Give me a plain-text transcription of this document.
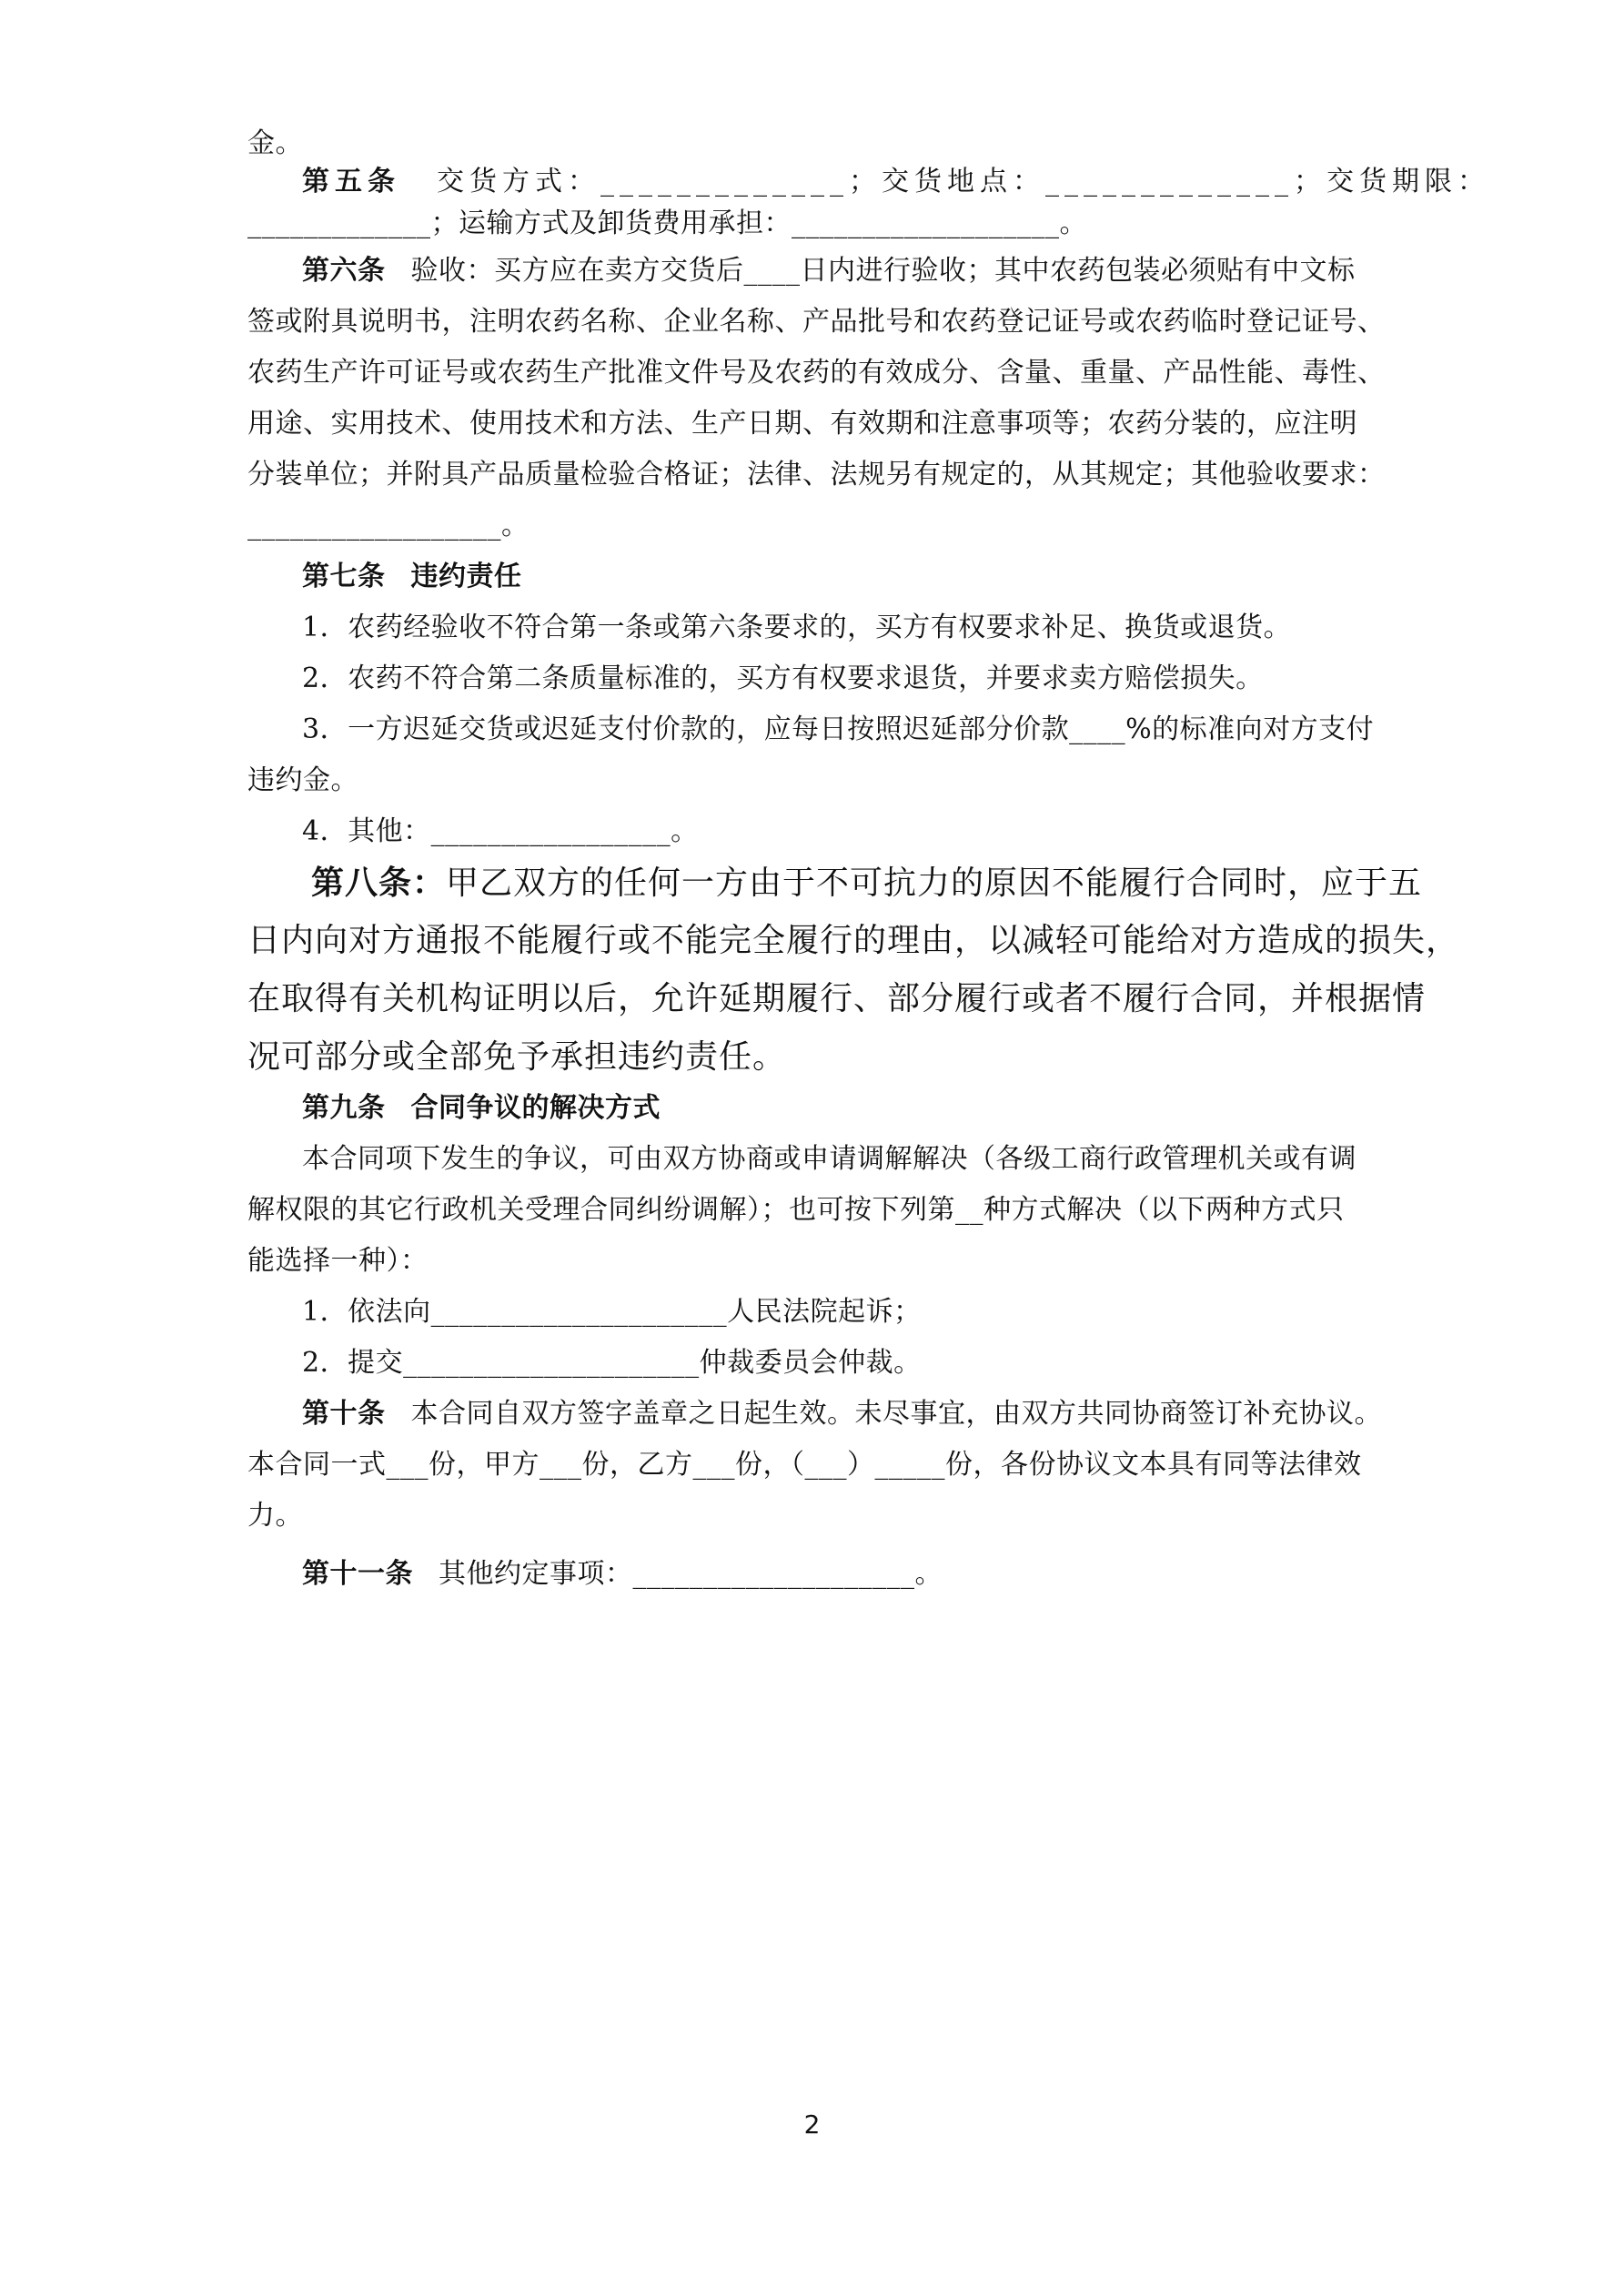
金。
第五条 交货方式：_____________；交货地点：_____________；交货期限：
_____________；运输方式及卸货费用承担：___________________。
第六条 验收：买方应在卖方交货后____日内进行验收；其中农药包装必须贴有中文标
签或附具说明书，注明农药名称、企业名称、产品批号和农药登记证号或农药临时登记证号、
农药生产许可证号或农药生产批准文件号及农药的有效成分、含量、重量、产品性能、毒性、
用途、实用技术、使用技术和方法、生产日期、有效期和注意事项等；农药分装的，应注明
分装单位；并附具产品质量检验合格证；法律、法规另有规定的，从其规定；其他验收要求：
__________________。
第七条 违约责任
1．农药经验收不符合第一条或第六条要求的，买方有权要求补足、换货或退货。
2．农药不符合第二条质量标准的，买方有权要求退货，并要求卖方赔偿损失。
3．一方迟延交货或迟延支付价款的，应每日按照迟延部分价款____%的标准向对方支付
违约金。
4．其他：_________________。
第八条：甲乙双方的任何一方由于不可抗力的原因不能履行合同时，应于五
日内向对方通报不能履行或不能完全履行的理由，以减轻可能给对方造成的损失，
在取得有关机构证明以后，允许延期履行、部分履行或者不履行合同，并根据情
况可部分或全部免予承担违约责任。
第九条 合同争议的解决方式
本合同项下发生的争议，可由双方协商或申请调解解决（各级工商行政管理机关或有调
解权限的其它行政机关受理合同纠纷调解）；也可按下列第__种方式解决（以下两种方式只
能选择一种）：
1．依法向_____________________人民法院起诉；
2．提交_____________________仲裁委员会仲裁。
第十条 本合同自双方签字盖章之日起生效。未尽事宜，由双方共同协商签订补充协议。
本合同一式___份，甲方___份，乙方___份，（___）_____份，各份协议文本具有同等法律效
力。
第十一条 其他约定事项：____________________。
2
